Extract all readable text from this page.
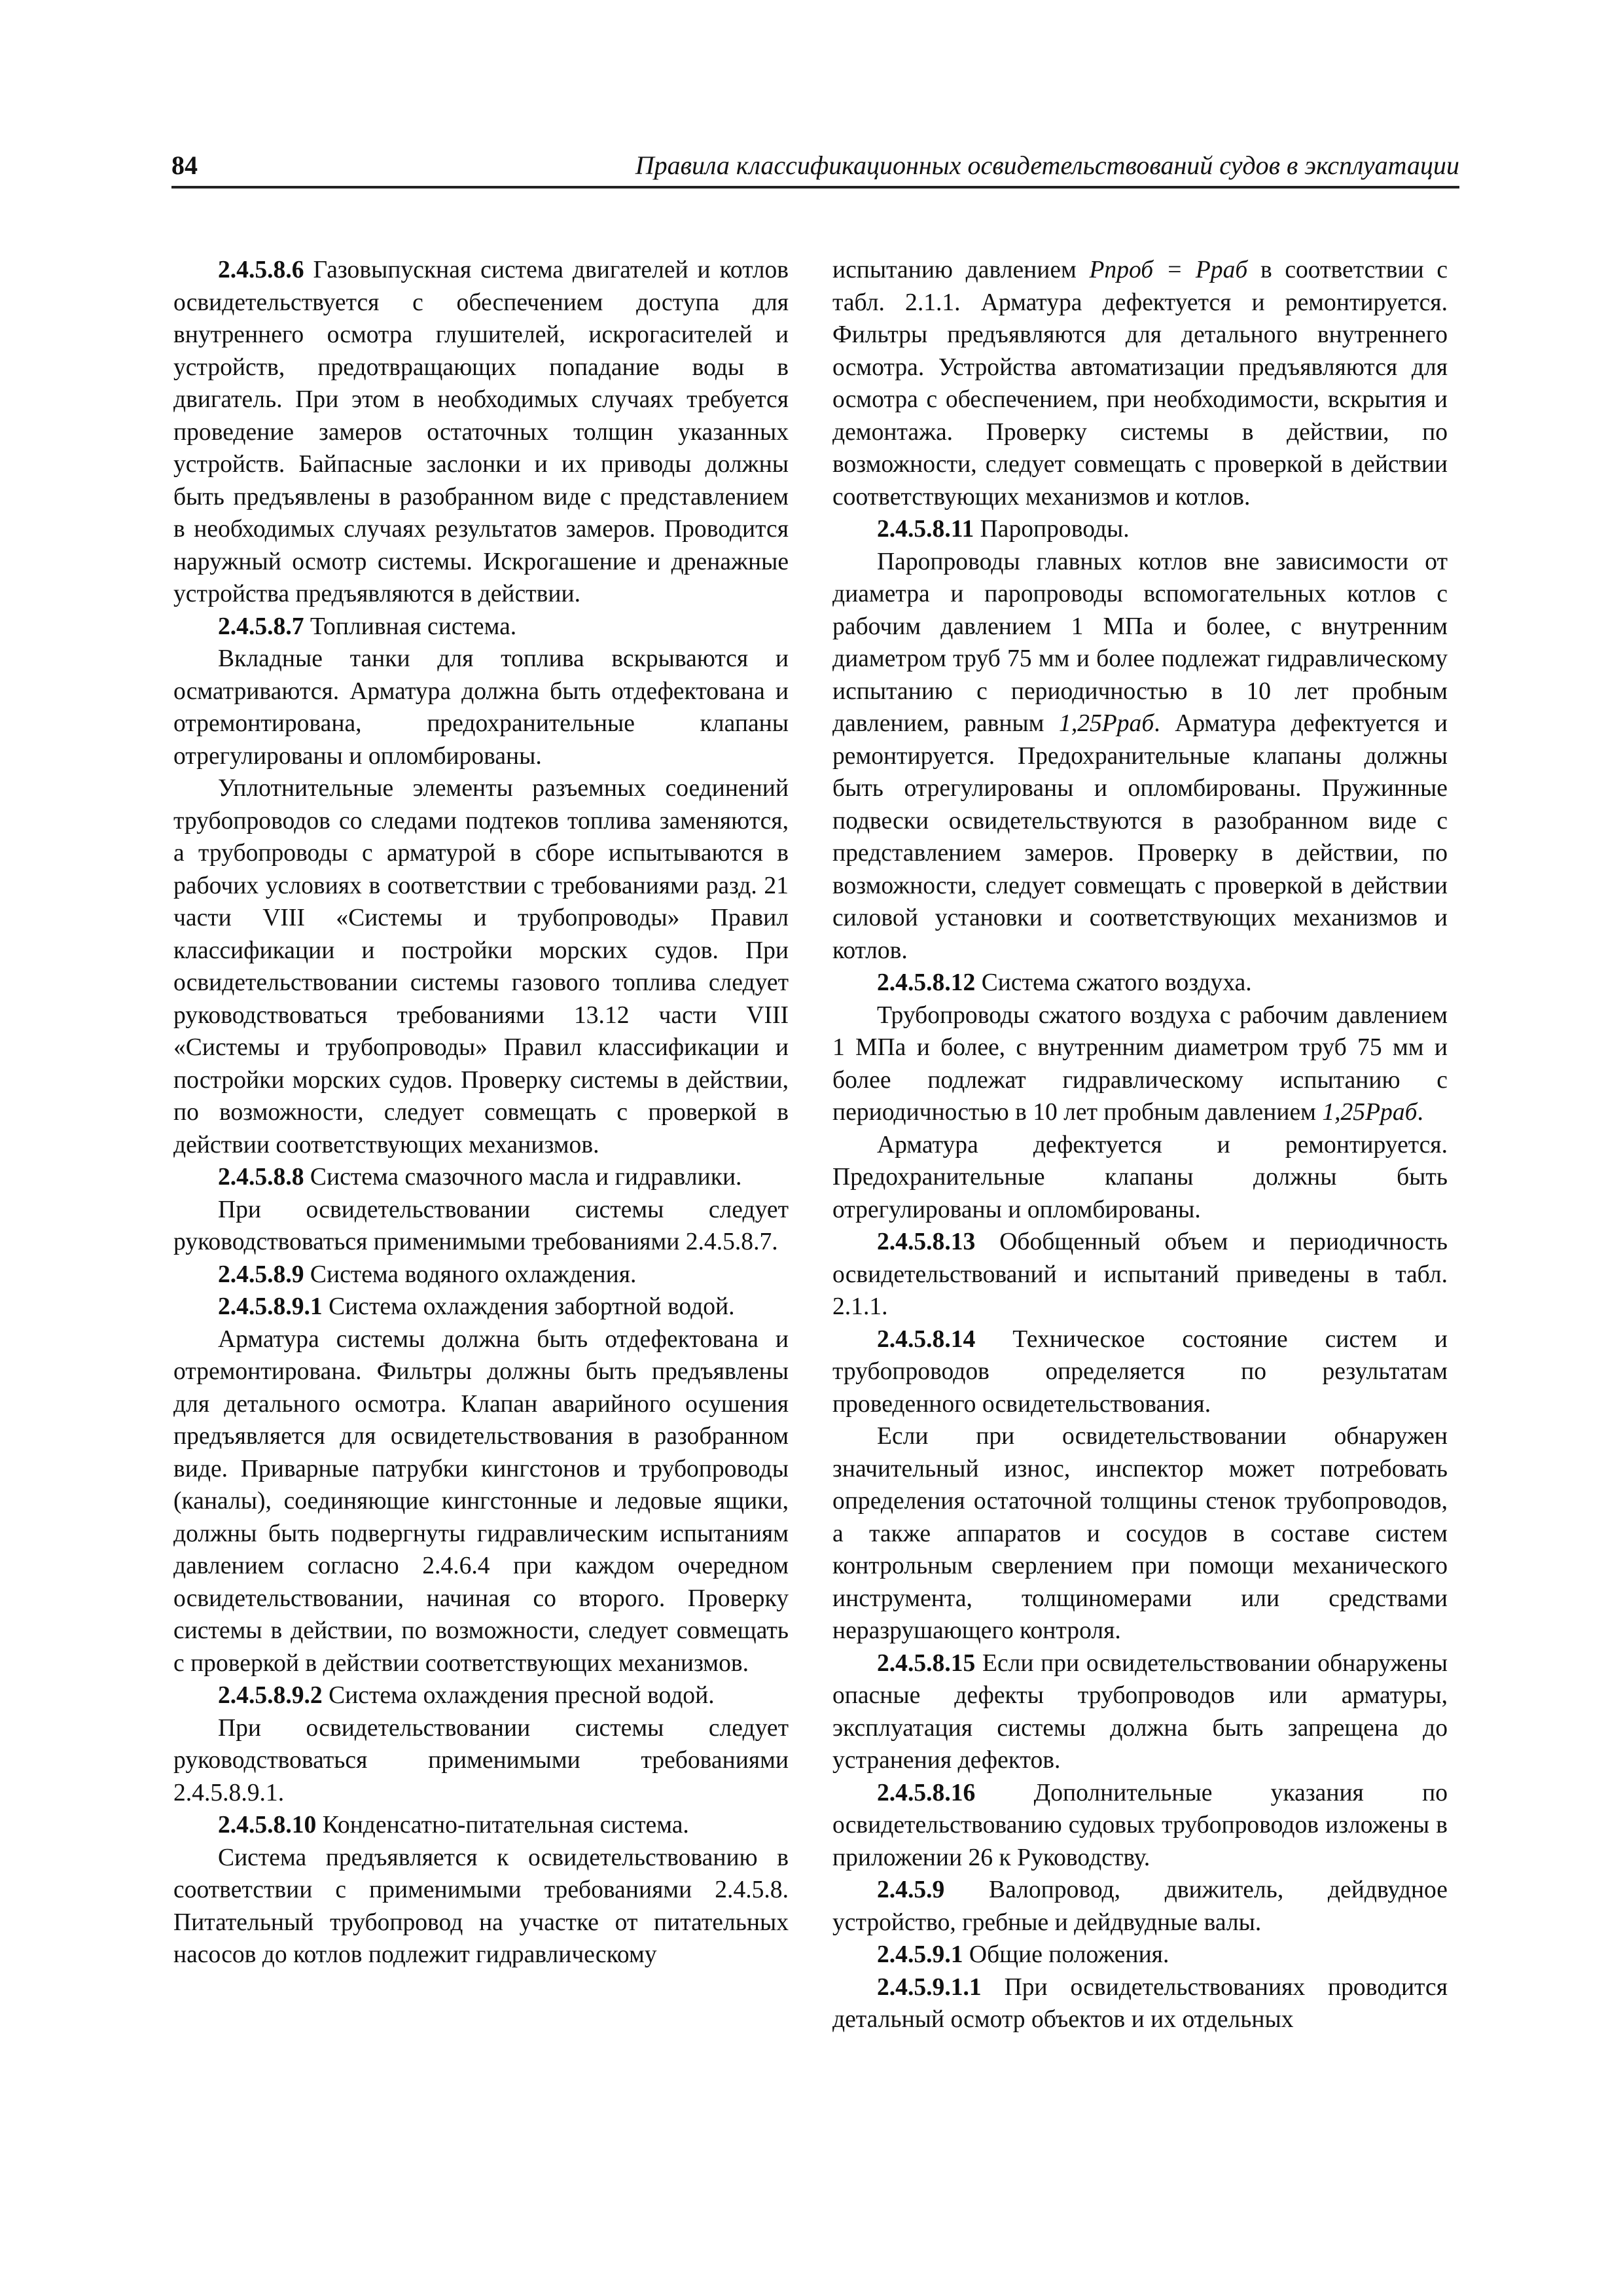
84	Правила классификационных освидетельствований судов в эксплуатации

2.4.5.8.6 Газовыпускная система двигателей и котлов освидетельствуется с обеспечением доступа для внутреннего осмотра глушителей, искрогасителей и устройств, предотвращающих попадание воды в двигатель. При этом в необходимых случаях требуется проведение замеров остаточных толщин указанных устройств. Байпасные заслонки и их приводы должны быть предъявлены в разобранном виде с представлением в необходимых случаях результатов замеров. Проводится наружный осмотр системы. Искрогашение и дренажные устройства предъявляются в действии.

2.4.5.8.7 Топливная система.

Вкладные танки для топлива вскрываются и осматриваются. Арматура должна быть отдефектована и отремонтирована, предохранительные клапаны отрегулированы и опломбированы.

Уплотнительные элементы разъемных соединений трубопроводов со следами подтеков топлива заменяются, а трубопроводы с арматурой в сборе испытываются в рабочих условиях в соответствии с требованиями разд. 21 части VIII «Системы и трубопроводы» Правил классификации и постройки морских судов. При освидетельствовании системы газового топлива следует руководствоваться требованиями 13.12 части VIII «Системы и трубопроводы» Правил классификации и постройки морских судов. Проверку системы в действии, по возможности, следует совмещать с проверкой в действии соответствующих механизмов.

2.4.5.8.8 Система смазочного масла и гидравлики.

При освидетельствовании системы следует руководствоваться применимыми требованиями 2.4.5.8.7.

2.4.5.8.9 Система водяного охлаждения.

2.4.5.8.9.1 Система охлаждения забортной водой.

Арматура системы должна быть отдефектована и отремонтирована. Фильтры должны быть предъявлены для детального осмотра. Клапан аварийного осушения предъявляется для освидетельствования в разобранном виде. Приварные патрубки кингстонов и трубопроводы (каналы), соединяющие кингстонные и ледовые ящики, должны быть подвергнуты гидравлическим испытаниям давлением согласно 2.4.6.4 при каждом очередном освидетельствовании, начиная со второго. Проверку системы в действии, по возможности, следует совмещать с проверкой в действии соответствующих механизмов.

2.4.5.8.9.2 Система охлаждения пресной водой.

При освидетельствовании системы следует руководствоваться применимыми требованиями 2.4.5.8.9.1.

2.4.5.8.10 Конденсатно-питательная система.

Система предъявляется к освидетельствованию в соответствии с применимыми требованиями 2.4.5.8. Питательный трубопровод на участке от питательных насосов до котлов подлежит гидравлическому

испытанию давлением Pпроб = Pраб в соответствии с табл. 2.1.1. Арматура дефектуется и ремонтируется. Фильтры предъявляются для детального внутреннего осмотра. Устройства автоматизации предъявляются для осмотра с обеспечением, при необходимости, вскрытия и демонтажа. Проверку системы в действии, по возможности, следует совмещать с проверкой в действии соответствующих механизмов и котлов.

2.4.5.8.11 Паропроводы.

Паропроводы главных котлов вне зависимости от диаметра и паропроводы вспомогательных котлов с рабочим давлением 1 МПа и более, с внутренним диаметром труб 75 мм и более подлежат гидравлическому испытанию с периодичностью в 10 лет пробным давлением, равным 1,25Pраб. Арматура дефектуется и ремонтируется. Предохранительные клапаны должны быть отрегулированы и опломбированы. Пружинные подвески освидетельствуются в разобранном виде с представлением замеров. Проверку в действии, по возможности, следует совмещать с проверкой в действии силовой установки и соответствующих механизмов и котлов.

2.4.5.8.12 Система сжатого воздуха.

Трубопроводы сжатого воздуха с рабочим давлением 1 МПа и более, с внутренним диаметром труб 75 мм и более подлежат гидравлическому испытанию с периодичностью в 10 лет пробным давлением 1,25Pраб.

Арматура дефектуется и ремонтируется. Предохранительные клапаны должны быть отрегулированы и опломбированы.

2.4.5.8.13 Обобщенный объем и периодичность освидетельствований и испытаний приведены в табл. 2.1.1.

2.4.5.8.14 Техническое состояние систем и трубопроводов определяется по результатам проведенного освидетельствования.

Если при освидетельствовании обнаружен значительный износ, инспектор может потребовать определения остаточной толщины стенок трубопроводов, а также аппаратов и сосудов в составе систем контрольным сверлением при помощи механического инструмента, толщиномерами или средствами неразрушающего контроля.

2.4.5.8.15 Если при освидетельствовании обнаружены опасные дефекты трубопроводов или арматуры, эксплуатация системы должна быть запрещена до устранения дефектов.

2.4.5.8.16 Дополнительные указания по освидетельствованию судовых трубопроводов изложены в приложении 26 к Руководству.

2.4.5.9 Валопровод, движитель, дейдвудное устройство, гребные и дейдвудные валы.

2.4.5.9.1 Общие положения.

2.4.5.9.1.1 При освидетельствованиях проводится детальный осмотр объектов и их отдельных
